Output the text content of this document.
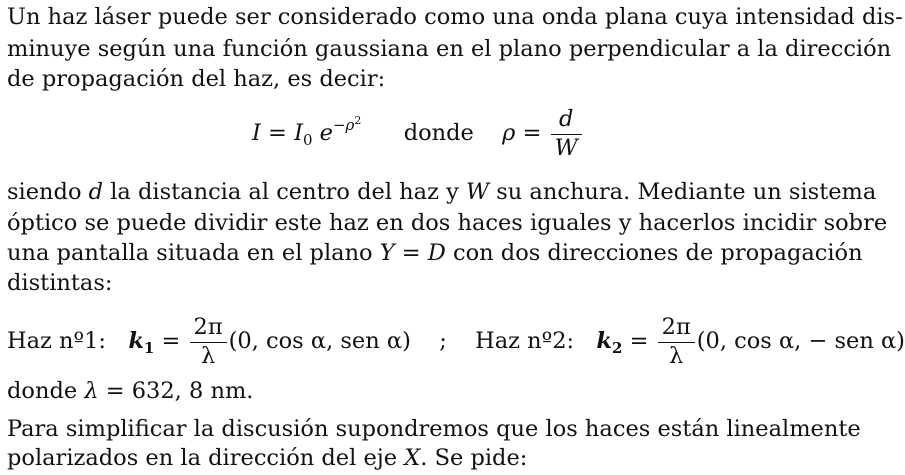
Un haz láser puede ser considerado como una onda plana cuya intensidad dis-
minuye según una función gaussiana en el plano perpendicular a la dirección
de propagación del haz, es decir:
$I = I_0$ $e^{-\rho^2}$ donde $\rho = \frac{d}{W}$
siendo d la distancia al centro del haz y W su anchura. Mediante un sistema
óptico se puede dividir este haz en dos haces iguales y hacerlos incidir sobre
una pantalla situada en el plano Y = D con dos direcciones de propagación
distintas:
Haz nº1: $k_1 = \frac{2\pi}{\lambda} (0$, cos α, sen α) ; Haz nº2: $k_2 = \frac{2\pi}{\lambda} (0$, cos α, − sen α)
donde λ = 632, 8 nm.
Para simplificar la discusión supondremos que los haces están linealmente
polarizados en la dirección del eje X. Se pide:
